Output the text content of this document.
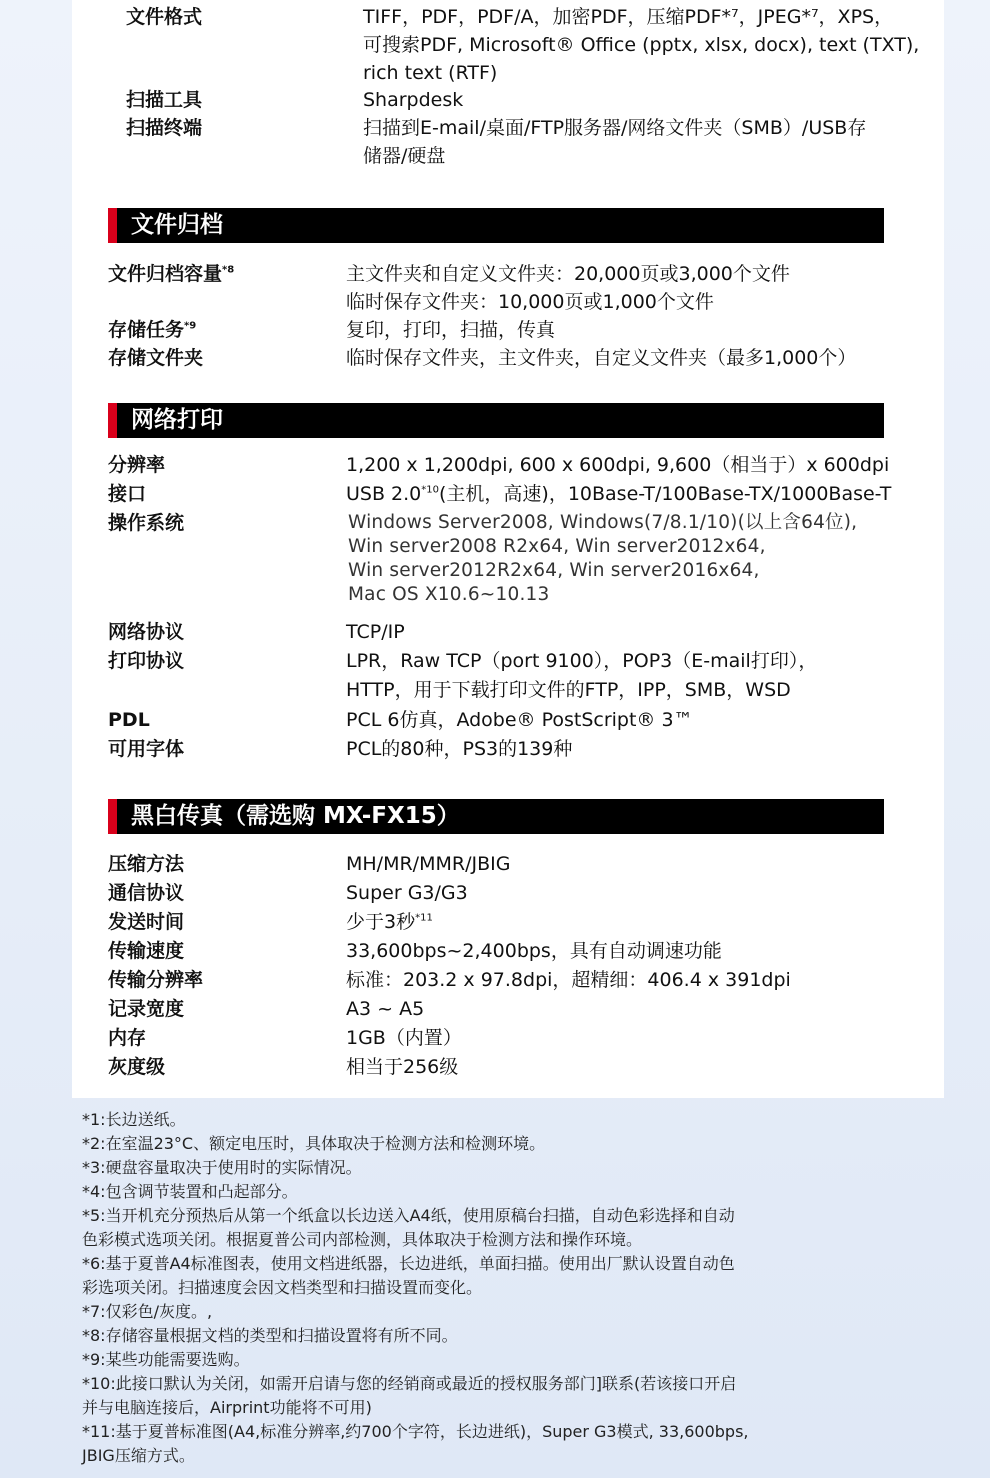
文件格式	TIFF，PDF，PDF/A，加密PDF，压缩PDF*⁷，JPEG*⁷，XPS，
可搜索PDF, Microsoft® Office (pptx, xlsx, docx), text (TXT),
rich text (RTF)
扫描工具	Sharpdesk
扫描终端	扫描到E-mail/桌面/FTP服务器/网络文件夹（SMB）/USB存
储器/硬盘
文件归档
文件归档容量$^{*8}$	主文件夹和自定义文件夹：20,000页或3,000个文件
临时保存文件夹：10,000页或1,000个文件
存储任务$^{*9}$	复印，打印，扫描，传真
存储文件夹	临时保存文件夹，主文件夹，自定义文件夹（最多1,000个）
网络打印
分辨率	1,200 x 1,200dpi, 600 x 600dpi, 9,600（相当于）x 600dpi
接口	USB 2.0$^{*10}$(主机，高速)，10Base-T/100Base-TX/1000Base-T
操作系统	Windows Server2008, Windows(7/8.1/10)(以上含64位),
Win server2008 R2x64, Win server2012x64,
Win server2012R2x64, Win server2016x64,
Mac OS X10.6~10.13
网络协议	TCP/IP
打印协议	LPR，Raw TCP（port 9100），POP3（E-mail打印），
HTTP，用于下载打印文件的FTP，IPP，SMB，WSD
PDL	PCL 6仿真，Adobe® PostScript® 3™
可用字体	PCL的80种，PS3的139种
黑白传真（需选购 MX-FX15）
压缩方法	MH/MR/MMR/JBIG
通信协议	Super G3/G3
发送时间	少于3秒$^{*11}$
传输速度	33,600bps~2,400bps，具有自动调速功能
传输分辨率	标准：203.2 x 97.8dpi，超精细：406.4 x 391dpi
记录宽度	A3 ~ A5
内存	1GB（内置）
灰度级	相当于256级
*1:长边送纸。
*2:在室温23°C、额定电压时，具体取决于检测方法和检测环境。
*3:硬盘容量取决于使用时的实际情况。
*4:包含调节装置和凸起部分。
*5:当开机充分预热后从第一个纸盒以长边送入A4纸，使用原稿台扫描，自动色彩选择和自动
色彩模式选项关闭。根据夏普公司内部检测，具体取决于检测方法和操作环境。
*6:基于夏普A4标准图表，使用文档进纸器，长边进纸，单面扫描。使用出厂默认设置自动色
彩选项关闭。扫描速度会因文档类型和扫描设置而变化。
*7:仅彩色/灰度。,
*8:存储容量根据文档的类型和扫描设置将有所不同。
*9:某些功能需要选购。
*10:此接口默认为关闭，如需开启请与您的经销商或最近的授权服务部门]联系(若该接口开启
并与电脑连接后，Airprint功能将不可用)
*11:基于夏普标准图(A4,标准分辨率,约700个字符，长边进纸)，Super G3模式, 33,600bps,
JBIG压缩方式。
